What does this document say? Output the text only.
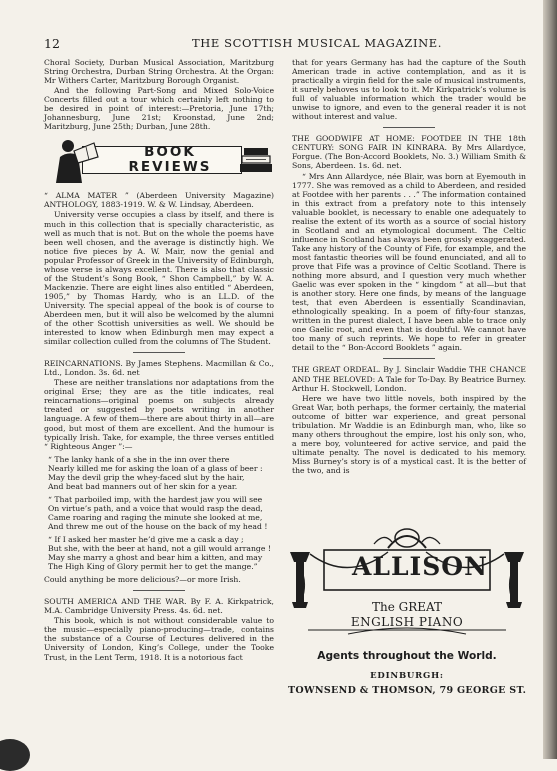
12	THE SCOTTISH MUSICAL MAGAZINE.

Choral Society, Durban Musical Association, Maritzburg String Orchestra, Durban String Orchestra. At the Organ: Mr Withers Carter, Maritzburg Borough Organist.

And the following Part-Song and Mixed Solo-Voice Concerts filled out a tour which certainly left nothing to be desired in point of interest:—Pretoria, June 17th; Johannesburg, June 21st; Kroonstad, June 2nd; Maritzburg, June 25th; Durban, June 28th.

BOOK REVIEWS

“ ALMA MATER ” (Aberdeen University Magazine) ANTHOLOGY, 1883-1919. W. & W. Lindsay, Aberdeen.

University verse occupies a class by itself, and there is much in this collection that is specially characteristic, as well as much that is not. But on the whole the poems have been well chosen, and the average is distinctly high. We notice five pieces by A. W. Mair, now the genial and popular Professor of Greek in the University of Edinburgh, whose verse is always excellent. There is also that classic of the Student’s Song Book, “ Shon Campbell,” by W. A. Mackenzie. There are eight lines also entitled “ Aberdeen, 1905,” by Thomas Hardy, who is an LL.D. of the University. The special appeal of the book is of course to Aberdeen men, but it will also be welcomed by the alumni of the other Scottish universities as well. We should be interested to know when Edinburgh men may expect a similar collection culled from the columns of The Student.

REINCARNATIONS. By James Stephens. Macmillan & Co., Ltd., London. 3s. 6d. net

These are neither translations nor adaptations from the original Erse; they are as the title indicates, real reincarnations—original poems on subjects already treated or suggested by poets writing in another language. A few of them—there are about thirty in all—are good, but most of them are excellent. And the humour is typically Irish. Take, for example, the three verses entitled “ Righteous Anger ”:—

“ The lanky hank of a she in the inn over there
Nearly killed me for asking the loan of a glass of beer :
May the devil grip the whey-faced slut by the hair,
And beat bad manners out of her skin for a year.
“ That parboiled imp, with the hardest jaw you will see
On virtue’s path, and a voice that would rasp the dead,
Came roaring and raging the minute she looked at me,
And threw me out of the house on the back of my head !
“ If I asked her master he’d give me a cask a day ;
But she, with the beer at hand, not a gill would arrange !
May she marry a ghost and bear him a kitten, and may
The High King of Glory permit her to get the mange.”

Could anything be more delicious?—or more Irish.

SOUTH AMERICA AND THE WAR. By F. A. Kirkpatrick, M.A. Cambridge University Press. 4s. 6d. net.

This book, which is not without considerable value to the music—especially piano-producing—trade, contains the substance of a Course of Lectures delivered in the University of London, King’s College, under the Tooke Trust, in the Lent Term, 1918. It is a notorious fact

that for years Germany has had the capture of the South American trade in active contemplation, and as it is practically a virgin field for the sale of musical instruments, it surely behoves us to look to it. Mr Kirkpatrick’s volume is full of valuable information which the trader would be unwise to ignore, and even to the general reader it is not without interest and value.

THE GOODWIFE AT HOME: FOOTDEE IN THE 18th CENTURY: SONG FAIR IN KINRARA. By Mrs Allardyce, Forgue. (The Bon-Accord Booklets, No. 3.) William Smith & Sons, Aberdeen. 1s. 6d. net.

“ Mrs Ann Allardyce, née Blair, was born at Eyemouth in 1777. She was removed as a child to Aberdeen, and resided at Footdee with her parents . . .” The information contained in this extract from a prefatory note to this intensely valuable booklet, is necessary to enable one adequately to realise the extent of its worth as a source of social history in Scotland and an etymological document. The Celtic influence in Scotland has always been grossly exaggerated. Take any history of the County of Fife, for example, and the most fantastic theories will be found enunciated, and all to prove that Fife was a province of Celtic Scotland. There is nothing more absurd, and I question very much whether Gaelic was ever spoken in the “ kingdom ” at all—but that is another story. Here one finds, by means of the language test, that even Aberdeen is essentially Scandinavian, ethnologically speaking. In a poem of fifty-four stanzas, written in the purest dialect, I have been able to trace only one Gaelic root, and even that is doubtful. We cannot have too many of such reprints. We hope to refer in greater detail to the “ Bon-Accord Booklets ” again.

THE GREAT ORDEAL. By J. Sinclair Waddie THE CHANCE AND THE BELOVED: A Tale for To-Day. By Beatrice Burney. Arthur H. Stockwell, London.

Here we have two little novels, both inspired by the Great War, both perhaps, the former certainly, the material outcome of bitter war experience, and great personal tribulation. Mr Waddie is an Edinburgh man, who, like so many others throughout the empire, lost his only son, who, a mere boy, volunteered for active service, and paid the ultimate penalty. The novel is dedicated to his memory. Miss Burney’s story is of a mystical cast. It is the better of the two, and is

ALLISON
The GREAT
ENGLISH PIANO
Agents throughout the World.
EDINBURGH:
TOWNSEND & THOMSON, 79 GEORGE ST.
